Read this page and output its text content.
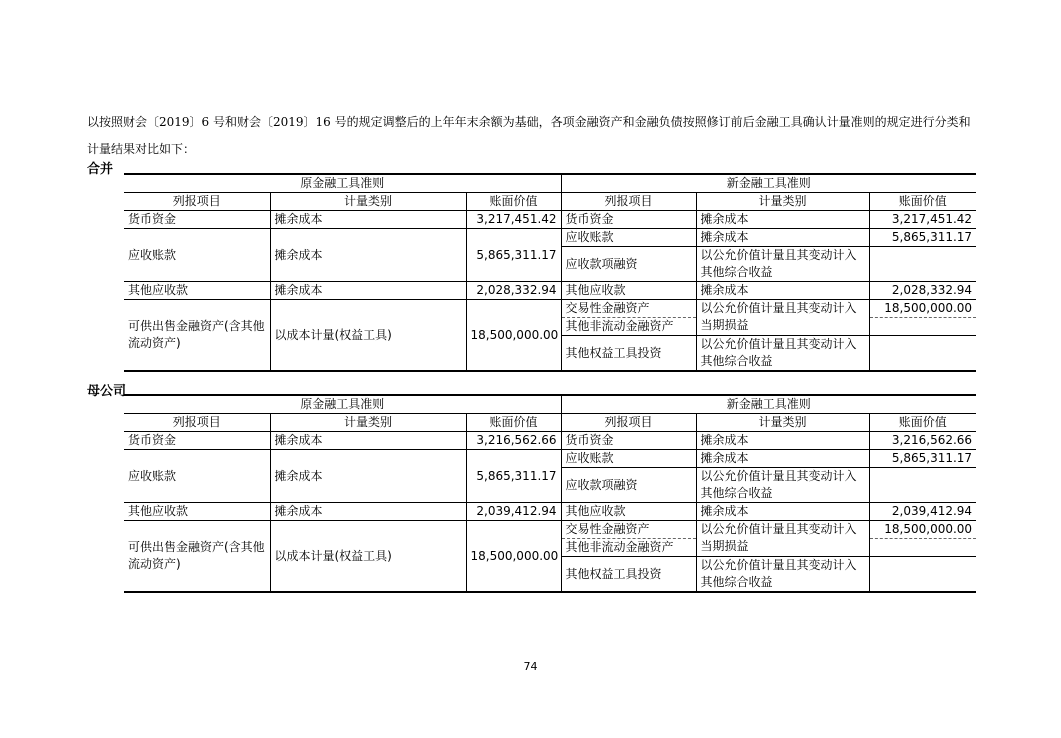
以按照财会〔2019〕6 号和财会〔2019〕16 号的规定调整后的上年年末余额为基础，各项金融资产和金融负债按照修订前后金融工具确认计量准则的规定进行分类和计量结果对比如下：
合并
原金融工具准则			新金融工具准则		
列报项目	计量类别	账面价值	列报项目	计量类别	账面价值
货币资金	摊余成本	3,217,451.42	货币资金	摊余成本	3,217,451.42
应收账款	摊余成本	5,865,311.17	应收账款	摊余成本	5,865,311.17
			应收款项融资	以公允价值计量且其变动计入其他综合收益	
其他应收款	摊余成本	2,028,332.94	其他应收款	摊余成本	2,028,332.94
可供出售金融资产(含其他流动资产)	以成本计量(权益工具)	18,500,000.00	交易性金融资产	以公允价值计量且其变动计入当期损益	18,500,000.00
			其他非流动金融资产		
			其他权益工具投资	以公允价值计量且其变动计入其他综合收益	
母公司
原金融工具准则			新金融工具准则		
列报项目	计量类别	账面价值	列报项目	计量类别	账面价值
货币资金	摊余成本	3,216,562.66	货币资金	摊余成本	3,216,562.66
应收账款	摊余成本	5,865,311.17	应收账款	摊余成本	5,865,311.17
			应收款项融资	以公允价值计量且其变动计入其他综合收益	
其他应收款	摊余成本	2,039,412.94	其他应收款	摊余成本	2,039,412.94
可供出售金融资产(含其他流动资产)	以成本计量(权益工具)	18,500,000.00	交易性金融资产	以公允价值计量且其变动计入当期损益	18,500,000.00
			其他非流动金融资产		
			其他权益工具投资	以公允价值计量且其变动计入其他综合收益	
74
